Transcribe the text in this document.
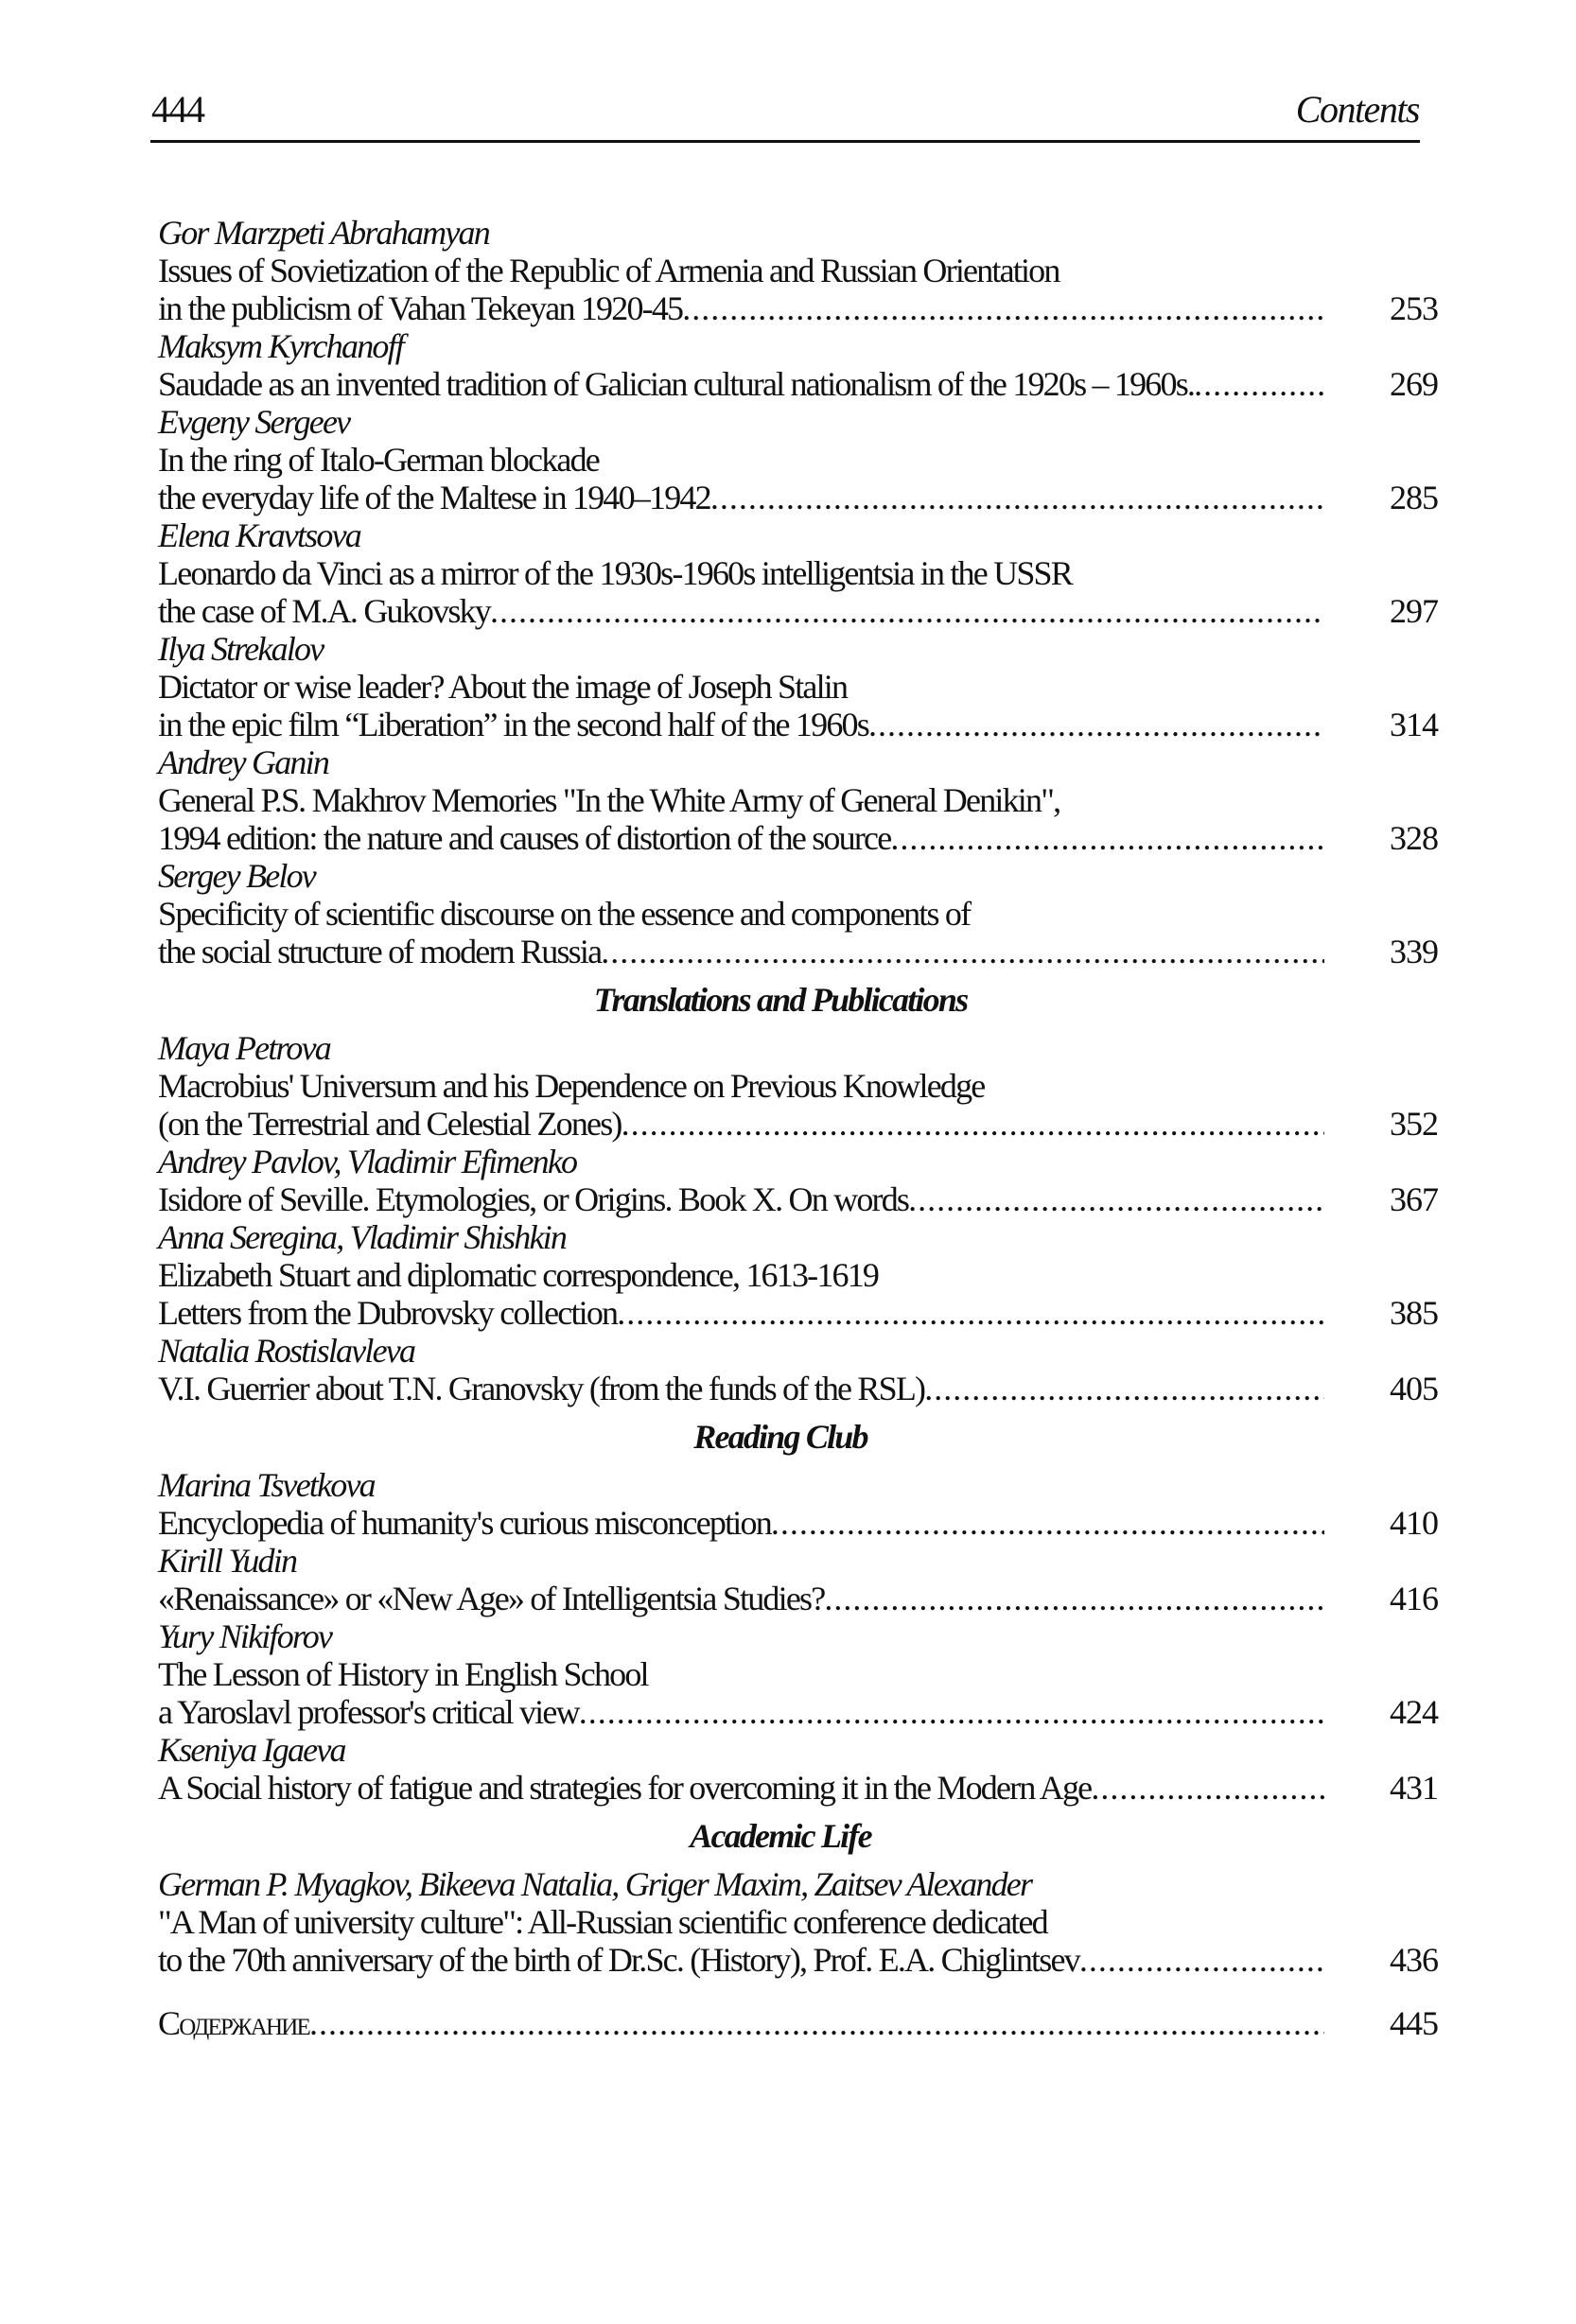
444	Contents
Gor Marzpeti Abrahamyan
Issues of Sovietization of the Republic of Armenia and Russian Orientation
in the publicism of Vahan Tekeyan 1920-45 .....	253
Maksym Kyrchanoff
Saudade as an invented tradition of Galician cultural nationalism of the 1920s – 1960s. .....	269
Evgeny Sergeev
In the ring of Italo-German blockade
the everyday life of the Maltese in 1940–1942 .....	285
Elena Kravtsova
Leonardo da Vinci as a mirror of the 1930s-1960s intelligentsia in the USSR
the case of M.A. Gukovsky .....	297
Ilya Strekalov
Dictator or wise leader? About the image of Joseph Stalin
in the epic film “Liberation” in the second half of the 1960s .....	314
Andrey Ganin
General P.S. Makhrov Memories "In the White Army of General Denikin",
1994 edition: the nature and causes of distortion of the source .....	328
Sergey Belov
Specificity of scientific discourse on the essence and components of
the social structure of modern Russia .....	339
Translations and Publications
Maya Petrova
Macrobius' Universum and his Dependence on Previous Knowledge
(on the Terrestrial and Celestial Zones) .....	352
Andrey Pavlov, Vladimir Efimenko
Isidore of Seville. Etymologies, or Origins. Book X. On words .....	367
Anna Seregina, Vladimir Shishkin
Elizabeth Stuart and diplomatic correspondence, 1613-1619
Letters from the Dubrovsky collection .....	385
Natalia Rostislavleva
V.I. Guerrier about T.N. Granovsky (from the funds of the RSL) .....	405
Reading Club
Marina Tsvetkova
Encyclopedia of humanity's curious misconception .....	410
Kirill Yudin
«Renaissance» or «New Age» of Intelligentsia Studies? .....	416
Yury Nikiforov
The Lesson of History in English School
a Yaroslavl professor's critical view .....	424
Kseniya Igaeva
A Social history of fatigue and strategies for overcoming it in the Modern Age .....	431
Academic Life
German P. Myagkov, Bikeeva Natalia, Griger Maxim, Zaitsev Alexander
"A Man of university culture": All-Russian scientific conference dedicated
to the 70th anniversary of the birth of Dr.Sc. (History), Prof. E.A. Chiglintsev .....	436
Содержание .....	445
